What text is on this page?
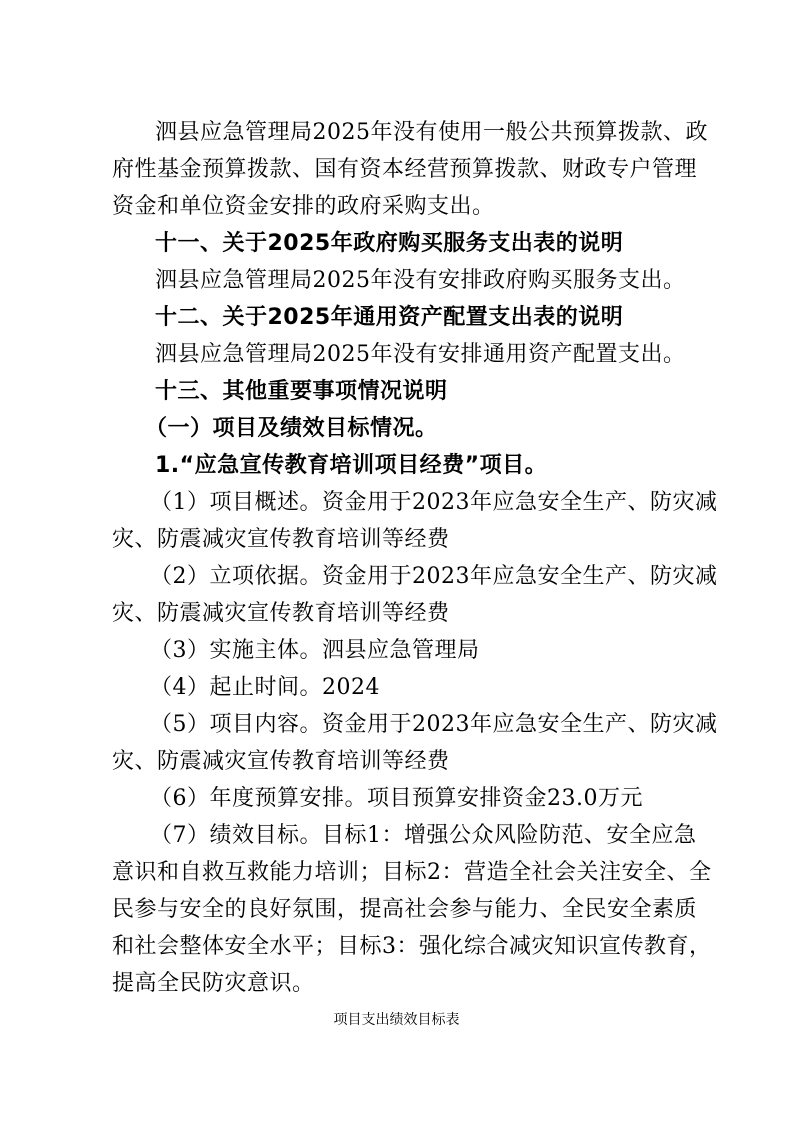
泗县应急管理局2025年没有使用一般公共预算拨款、政
府性基金预算拨款、国有资本经营预算拨款、财政专户管理
资金和单位资金安排的政府采购支出。
十一、关于2025年政府购买服务支出表的说明
泗县应急管理局2025年没有安排政府购买服务支出。
十二、关于2025年通用资产配置支出表的说明
泗县应急管理局2025年没有安排通用资产配置支出。
十三、其他重要事项情况说明
（一）项目及绩效目标情况。
1.“应急宣传教育培训项目经费”项目。
（1）项目概述。资金用于2023年应急安全生产、防灾减
灾、防震减灾宣传教育培训等经费
（2）立项依据。资金用于2023年应急安全生产、防灾减
灾、防震减灾宣传教育培训等经费
（3）实施主体。泗县应急管理局
（4）起止时间。2024
（5）项目内容。资金用于2023年应急安全生产、防灾减
灾、防震减灾宣传教育培训等经费
（6）年度预算安排。项目预算安排资金23.0万元
（7）绩效目标。目标1：增强公众风险防范、安全应急
意识和自救互救能力培训；目标2：营造全社会关注安全、全
民参与安全的良好氛围，提高社会参与能力、全民安全素质
和社会整体安全水平；目标3：强化综合减灾知识宣传教育，
提高全民防灾意识。
项目支出绩效目标表
